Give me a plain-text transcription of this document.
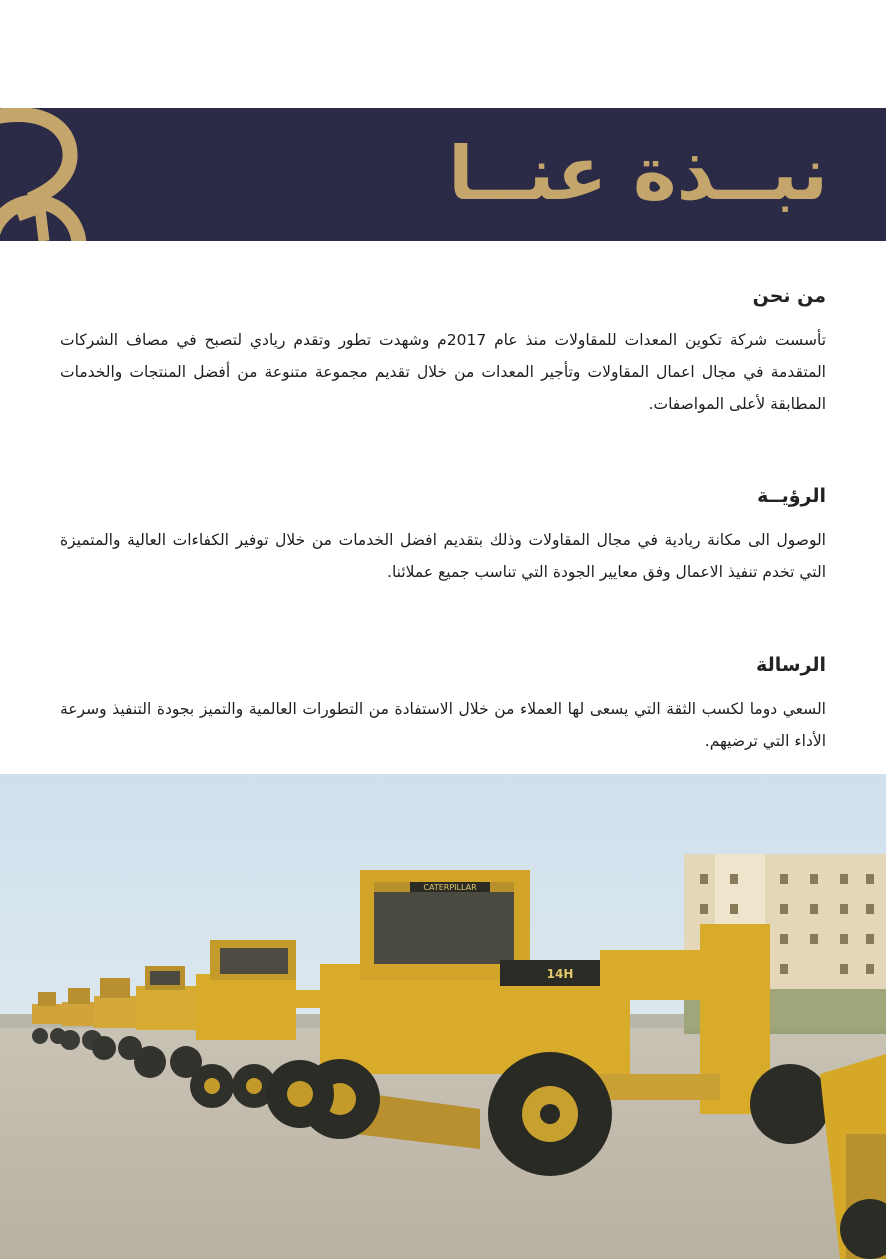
نبــذة عنــا
من نحن

تأسست شركة تكوين المعدات للمقاولات منذ عام 2017م وشهدت تطور وتقدم ريادي لتصبح في مصاف الشركات المتقدمة في مجال اعمال المقاولات وتأجير المعدات من خلال تقديم مجموعة متنوعة من أفضل المنتجات والخدمات المطابقة لأعلى المواصفات.

الرؤيــة

الوصول الى مكانة ريادية في مجال المقاولات وذلك بتقديم افضل الخدمات من خلال توفير الكفاءات العالية والمتميزة التي تخدم تنفيذ الاعمال وفق معايير الجودة التي تناسب جميع عملائنا.

الرسالة

السعي دوما لكسب الثقة التي يسعى لها العملاء من خلال الاستفادة من التطورات العالمية والتميز بجودة التنفيذ وسرعة الأداء التي ترضيهم.

CATERPILLAR
14H
